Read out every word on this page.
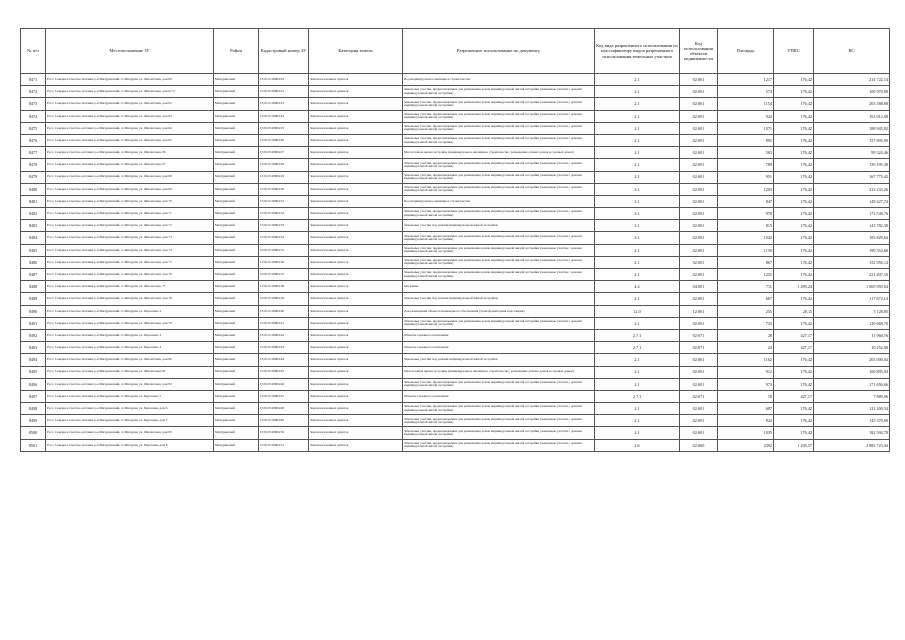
№ п/п	Местоположение ЗУ	Район	Кадастровый номер ЗУ	Категория земель	Разрешенное использование по документу	Код вида разрешенного использования по классификатору видов разрешенного использования земельных участков	Код использования объектов недвижимости	Площадь	УПКС	КС
8471	Росс. Северное Светлое-Алтаика р-н Мичуринский, п. Мичурин, ул. Фиолетовая, дом 60	Мичуринский	15:01:0118004:03	Земли населенных пунктов	Под индивидуальное жилищное строительство	2.1	02:001	1217	176,42	214 722,14
8472	Росс. Северное Светлое-Алтаика р-н Мичуринский, п. Мичурин, ул. Фиолетовая, дом 61"а"	Мичуринский	15:01:0118004:22	Земли населенных пунктов	Земельные участки, предназначенные для размещения домов индивидуальной жилой застройки (земельные участки с домами индивидуальной жилой застройки)	2.1	02:001	574	176,42	100 970,08
8473	Росс. Северное Светлое-Алтаика р-н Мичуринский, п. Мичурин, ул. Фиолетовая, дом 62	Мичуринский	15:01:0118004:23	Земли населенных пунктов	Земельные участки, предназначенные для размещения домов индивидуальной жилой застройки (земельные участки с домами индивидуальной жилой застройки)	2.1	02:001	1154	176,42	203 588,68
8474	Росс. Северное Светлое-Алтаика р-н Мичуринский, п. Мичурин, ул. Фиолетовая, дом 63	Мичуринский	15:01:0118004:24	Земли населенных пунктов	Земельные участки, предназначенные для размещения домов индивидуальной жилой застройки (земельные участки с домами индивидуальной жилой застройки)	2.1	02:001	924	176,42	163 012,08
8475	Росс. Северное Светлое-Алтаика р-н Мичуринский, п. Мичурин, ул. Фиолетовая, дом 64	Мичуринский	15:01:0118004:25	Земли населенных пунктов	Земельные участки, предназначенные для размещения домов индивидуальной жилой застройки (земельные участки с домами индивидуальной жилой застройки)	2.1	02:001	1071	176,42	188 945,82
8476	Росс. Северное Светлое-Алтаика р-н Мичуринский, п. Мичурин, ул. Фиолетовая, дом 65	Мичуринский	15:01:0118004:26	Земли населенных пунктов	Земельные участки, предназначенные для размещения домов индивидуальной жилой застройки (земельные участки с домами индивидуальной жилой застройки)	2.1	02:001	895	176,42	157 895,90
8477	Росс. Северное Светлое-Алтаика р-н Мичуринский, п. Мичурин, ул. Фиолетовая, 66	Мичуринский	15:01:0118004:27	Земли населенных пунктов	Малоэтажная жилая застройка (индивидуальное жилищное строительство; размещение дачных домов и садовых домов)	2.1	02:001	563	176,42	99 324,46
8478	Росс. Северное Светлое-Алтаика р-н Мичуринский, п. Мичурин, ул. Фиолетовая, 67	Мичуринский	15:01:0118004:28	Земли населенных пунктов	Земельные участки, предназначенные для размещения домов индивидуальной жилой застройки (земельные участки с домами индивидуальной жилой застройки)	2.1	02:001	789	176,42	139 195,38
8479	Росс. Северное Светлое-Алтаика р-н Мичуринский, п. Мичурин, ул. Фиолетовая, дом 68	Мичуринский	15:01:0118004:29	Земли населенных пунктов	Земельные участки, предназначенные для размещения домов индивидуальной жилой застройки (земельные участки с домами индивидуальной жилой застройки)	2.1	02:001	951	176,42	167 775,42
8480	Росс. Северное Светлое-Алтаика р-н Мичуринский, п. Мичурин, ул. Фиолетовая, дом 69	Мичуринский	15:01:0118004:30	Земли населенных пунктов	Земельные участки, предназначенные для размещения домов индивидуальной жилой застройки (земельные участки с домами индивидуальной жилой застройки)	2.1	02:001	1203	176,42	212 233,26
8481	Росс. Северное Светлое-Алтаика р-н Мичуринский, п. Мичурин, ул. Фиолетовая, дом 70	Мичуринский	15:01:0118004:31	Земли населенных пунктов	Под индивидуальное жилищное строительство	2.1	02:001	847	176,42	149 427,74
8482	Росс. Северное Светлое-Алтаика р-н Мичуринский, п. Мичурин, ул. Фиолетовая, дом 71	Мичуринский	15:01:0118004:32	Земли населенных пунктов	Земельные участки, предназначенные для размещения домов индивидуальной жилой застройки (земельные участки с домами индивидуальной жилой застройки)	2.1	02:001	978	176,42	172 538,76
8483	Росс. Северное Светлое-Алтаика р-н Мичуринский, п. Мичурин, ул. Фиолетовая, дом 72	Мичуринский	15:01:0118004:33	Земли населенных пунктов	Земельные участки под домами индивидуальной жилой застройки	2.1	02:001	815	176,42	143 782,30
8484	Росс. Северное Светлое-Алтаика р-н Мичуринский, п. Мичурин, ул. Фиолетовая, дом 73	Мичуринский	15:01:0118004:34	Земли населенных пунктов	Земельные участки, предназначенные для размещения домов индивидуальной жилой застройки (земельные участки с домами индивидуальной жилой застройки)	2.1	02:001	1042	176,42	183 829,64
8485	Росс. Северное Светлое-Алтаика р-н Мичуринский, п. Мичурин, ул. Фиолетовая, дом 74	Мичуринский	15:01:0118004:35	Земли населенных пунктов	Земельные участки, предназначенные для размещения домов индивидуальной жилой застройки (земельные участки с домами индивидуальной жилой застройки)	2.1	02:001	1130	176,42	199 354,60
8486	Росс. Северное Светлое-Алтаика р-н Мичуринский, п. Мичурин, ул. Фиолетовая, дом 75	Мичуринский	15:01:0118004:36	Земли населенных пунктов	Земельные участки, предназначенные для размещения домов индивидуальной жилой застройки (земельные участки с домами индивидуальной жилой застройки)	2.1	02:001	867	176,42	152 956,14
8487	Росс. Северное Светлое-Алтаика р-н Мичуринский, п. Мичурин, ул. Фиолетовая, дом 76	Мичуринский	15:01:0118004:37	Земли населенных пунктов	Земельные участки, предназначенные для размещения домов индивидуальной жилой застройки (земельные участки с домами индивидуальной жилой застройки)	2.1	02:001	1255	176,42	221 407,10
8488	Росс. Северное Светлое-Алтаика р-н Мичуринский, п. Мичурин, ул. Фиолетовая, 77	Мичуринский	15:01:0118004:38	Земли населенных пунктов	Магазины	4.4	04:001	711	1 499,24	1 065 959,64
8489	Росс. Северное Светлое-Алтаика р-н Мичуринский, п. Мичурин, ул. Фиолетовая, дом 78	Мичуринский	15:01:0118004:39	Земли населенных пунктов	Земельные участки под домами индивидуальной жилой застройки	2.1	02:001	667	176,42	117 672,14
8490	Росс. Северное Светлое-Алтаика р-н Мичуринский, п. Мичурин, ул. Березовая, 2	Мичуринский	15:01:0118004:40	Земли населенных пунктов	Для размещения объектов инженерного обеспечения (трансформаторная подстанция)	12.0	12:001	255	20,11	5 128,05
8491	Росс. Северное Светлое-Алтаика р-н Мичуринский, п. Мичурин, ул. Фиолетовая, дом 79	Мичуринский	15:01:0118004:41	Земли населенных пунктов	Земельные участки, предназначенные для размещения домов индивидуальной жилой застройки (земельные участки с домами индивидуальной жилой застройки)	2.1	02:001	735	176,42	129 668,70
8492	Росс. Северное Светлое-Алтаика р-н Мичуринский, п. Мичурин, ул. Березовая, 3	Мичуринский	15:01:0118004:42	Земли населенных пунктов	Объекты гаражного назначения	2.7.1	02:071	28	427,17	11 960,76
8493	Росс. Северное Светлое-Алтаика р-н Мичуринский, п. Мичурин, ул. Березовая, 4	Мичуринский	15:01:0118004:43	Земли населенных пунктов	Объекты гаражного назначения	2.7.1	02:071	24	427,17	10 252,08
8494	Росс. Северное Светлое-Алтаика р-н Мичуринский, п. Мичурин, ул. Фиолетовая, дом 80	Мичуринский	15:01:0118004:44	Земли населенных пунктов	Земельные участки под домами индивидуальной жилой застройки	2.1	02:001	1162	176,42	205 000,04
8495	Росс. Северное Светлое-Алтаика р-н Мичуринский, п. Мичурин, ул. Фиолетовая, 81	Мичуринский	15:01:0118004:45	Земли населенных пунктов	Малоэтажная жилая застройка (индивидуальное жилищное строительство; размещение дачных домов и садовых домов)	2.1	02:001	912	176,42	160 895,04
8496	Росс. Северное Светлое-Алтаика р-н Мичуринский, п. Мичурин, ул. Фиолетовая, дом 82	Мичуринский	15:01:0118004:46	Земли населенных пунктов	Земельные участки, предназначенные для размещения домов индивидуальной жилой застройки (земельные участки с домами индивидуальной жилой застройки)	2.1	02:001	973	176,42	171 656,66
8497	Росс. Северное Светлое-Алтаика р-н Мичуринский, п. Мичурин, ул. Березовая, 5	Мичуринский	15:01:0118004:47	Земли населенных пунктов	Объекты гаражного назначения	2.7.1	02:071	18	427,17	7 689,06
8498	Росс. Северное Светлое-Алтаика р-н Мичуринский, п. Мичурин, ул. Березовая, дом 6	Мичуринский	15:01:0118004:48	Земли населенных пунктов	Земельные участки, предназначенные для размещения домов индивидуальной жилой застройки (земельные участки с домами индивидуальной жилой застройки)	2.1	02:001	687	176,42	121 200,54
8499	Росс. Северное Светлое-Алтаика р-н Мичуринский, п. Мичурин, ул. Березовая, дом 7	Мичуринский	15:01:0118004:49	Земли населенных пунктов	Земельные участки, предназначенные для размещения домов индивидуальной жилой застройки (земельные участки с домами индивидуальной жилой застройки)	2.1	02:001	824	176,42	145 370,08
8500	Росс. Северное Светлое-Алтаика р-н Мичуринский, п. Мичурин, ул. Фиолетовая, дом 83	Мичуринский	15:01:0118004:50	Земли населенных пунктов	Земельные участки, предназначенные для размещения домов индивидуальной жилой застройки (земельные участки с домами индивидуальной жилой застройки)	2.1	02:001	1035	176,42	182 594,70
8501	Росс. Северное Светлое-Алтаика р-н Мичуринский, п. Мичурин, ул. Березовая, дом 8	Мичуринский	15:01:0118004:51	Земли населенных пунктов	Земельные участки, предназначенные для размещения домов индивидуальной жилой застройки (земельные участки с домами индивидуальной жилой застройки)	2.6	02:060	2392	1 205,57	2 883 723,44
